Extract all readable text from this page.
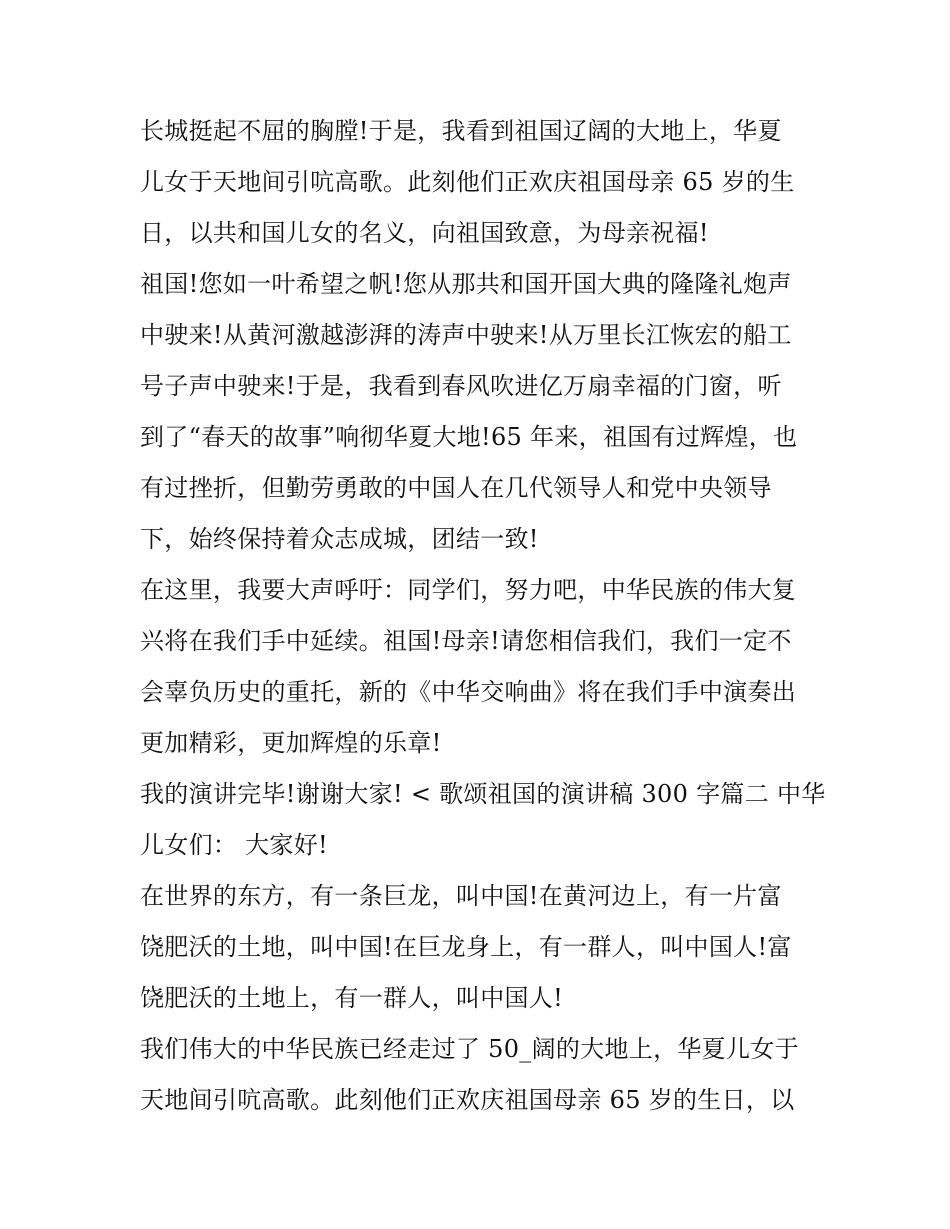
长城挺起不屈的胸膛!于是，我看到祖国辽阔的大地上，华夏
儿女于天地间引吭高歌。此刻他们正欢庆祖国母亲 65 岁的生
日，以共和国儿女的名义，向祖国致意，为母亲祝福!
祖国!您如一叶希望之帆!您从那共和国开国大典的隆隆礼炮声
中驶来!从黄河激越澎湃的涛声中驶来!从万里长江恢宏的船工
号子声中驶来!于是，我看到春风吹进亿万扇幸福的门窗，听
到了“春天的故事”响彻华夏大地!65 年来，祖国有过辉煌，也
有过挫折，但勤劳勇敢的中国人在几代领导人和党中央领导
下，始终保持着众志成城，团结一致!
在这里，我要大声呼吁：同学们，努力吧，中华民族的伟大复
兴将在我们手中延续。祖国!母亲!请您相信我们，我们一定不
会辜负历史的重托，新的《中华交响曲》将在我们手中演奏出
更加精彩，更加辉煌的乐章!
我的演讲完毕!谢谢大家! < 歌颂祖国的演讲稿 300 字篇二 中华
儿女们： 大家好!
在世界的东方，有一条巨龙，叫中国!在黄河边上，有一片富
饶肥沃的土地，叫中国!在巨龙身上，有一群人，叫中国人!富
饶肥沃的土地上，有一群人，叫中国人!
我们伟大的中华民族已经走过了 50_阔的大地上，华夏儿女于
天地间引吭高歌。此刻他们正欢庆祖国母亲 65 岁的生日，以
